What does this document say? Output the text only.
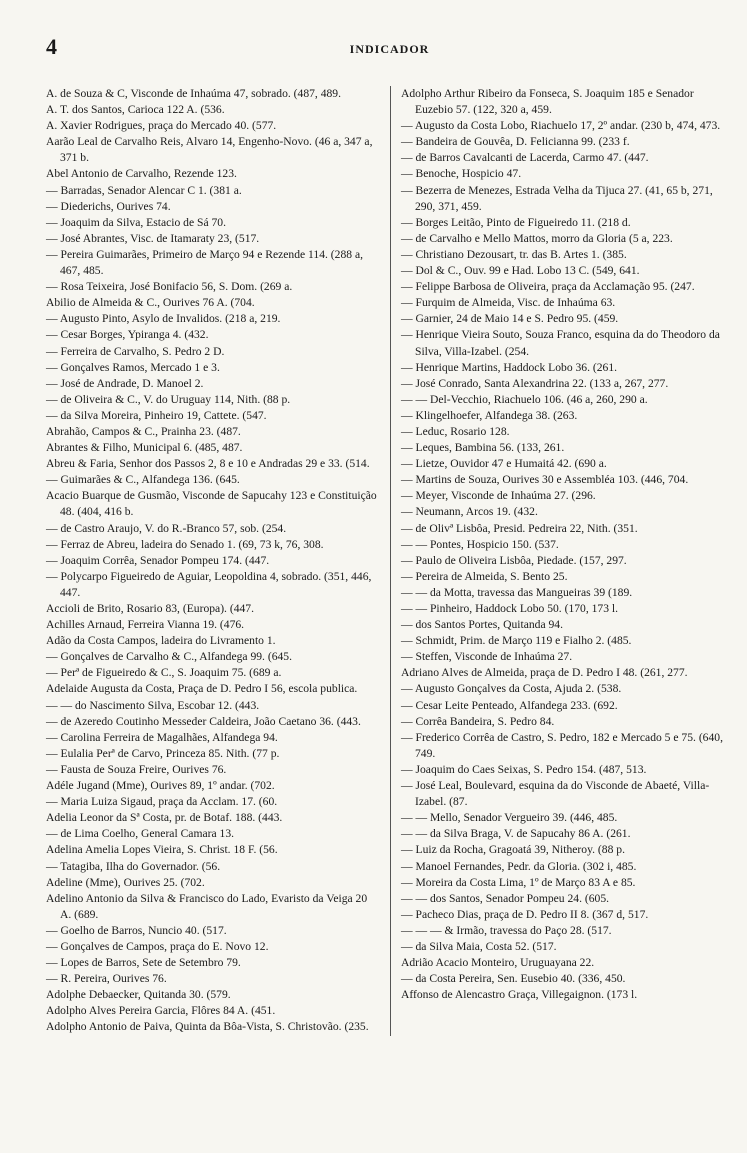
4	INDICADOR

A. de Souza & C, Visconde de Inhaúma 47, sobrado. (487, 489.

A. T. dos Santos, Carioca 122 A. (536.

A. Xavier Rodrigues, praça do Mercado 40. (577.

Aarão Leal de Carvalho Reis, Alvaro 14, Engenho-Novo. (46 a, 347 a, 371 b.

Abel Antonio de Carvalho, Rezende 123.

— Barradas, Senador Alencar C 1. (381 a.

— Diederichs, Ourives 74.

— Joaquim da Silva, Estacio de Sá 70.

— José Abrantes, Visc. de Itamaraty 23, (517.

— Pereira Guimarães, Primeiro de Março 94 e Rezende 114. (288 a, 467, 485.

— Rosa Teixeira, José Bonifacio 56, S. Dom. (269 a.

Abilio de Almeida & C., Ourives 76 A. (704.

— Augusto Pinto, Asylo de Invalidos. (218 a, 219.

— Cesar Borges, Ypiranga 4. (432.

— Ferreira de Carvalho, S. Pedro 2 D.

— Gonçalves Ramos, Mercado 1 e 3.

— José de Andrade, D. Manoel 2.

— de Oliveira & C., V. do Uruguay 114, Nith. (88 p.

— da Silva Moreira, Pinheiro 19, Cattete. (547.

Abrahão, Campos & C., Prainha 23. (487.

Abrantes & Filho, Municipal 6. (485, 487.

Abreu & Faria, Senhor dos Passos 2, 8 e 10 e Andradas 29 e 33. (514.

— Guimarães & C., Alfandega 136. (645.

Acacio Buarque de Gusmão, Visconde de Sapucahy 123 e Constituição 48. (404, 416 b.

— de Castro Araujo, V. do R.-Branco 57, sob. (254.

— Ferraz de Abreu, ladeira do Senado 1. (69, 73 k, 76, 308.

— Joaquim Corrêa, Senador Pompeu 174. (447.

— Polycarpo Figueiredo de Aguiar, Leopoldina 4, sobrado. (351, 446, 447.

Accioli de Brito, Rosario 83, (Europa). (447.

Achilles Arnaud, Ferreira Vianna 19. (476.

Adão da Costa Campos, ladeira do Livramento 1.

— Gonçalves de Carvalho & C., Alfandega 99. (645.

— Perª de Figueiredo & C., S. Joaquim 75. (689 a.

Adelaide Augusta da Costa, Praça de D. Pedro I 56, escola publica.

— — do Nascimento Silva, Escobar 12. (443.

— de Azeredo Coutinho Messeder Caldeira, João Caetano 36. (443.

— Carolina Ferreira de Magalhães, Alfandega 94.

— Eulalia Perª de Carvo, Princeza 85. Nith. (77 p.

— Fausta de Souza Freire, Ourives 76.

Adéle Jugand (Mme), Ourives 89, 1º andar. (702.

— Maria Luiza Sigaud, praça da Acclam. 17. (60.

Adelia Leonor da Sª Costa, pr. de Botaf. 188. (443.

— de Lima Coelho, General Camara 13.

Adelina Amelia Lopes Vieira, S. Christ. 18 F. (56.

— Tatagiba, Ilha do Governador. (56.

Adeline (Mme), Ourives 25. (702.

Adelino Antonio da Silva & Francisco do Lado, Evaristo da Veiga 20 A. (689.

— Goelho de Barros, Nuncio 40. (517.

— Gonçalves de Campos, praça do E. Novo 12.

— Lopes de Barros, Sete de Setembro 79.

— R. Pereira, Ourives 76.

Adolphe Debaecker, Quitanda 30. (579.

Adolpho Alves Pereira Garcia, Flôres 84 A. (451.

Adolpho Antonio de Paiva, Quinta da Bôa-Vista, S. Christovão. (235.

Adolpho Arthur Ribeiro da Fonseca, S. Joaquim 185 e Senador Euzebio 57. (122, 320 a, 459.

— Augusto da Costa Lobo, Riachuelo 17, 2º andar. (230 b, 474, 473.

— Bandeira de Gouvêa, D. Felicianna 99. (233 f.

— de Barros Cavalcanti de Lacerda, Carmo 47. (447.

— Benoche, Hospicio 47.

— Bezerra de Menezes, Estrada Velha da Tijuca 27. (41, 65 b, 271, 290, 371, 459.

— Borges Leitão, Pinto de Figueiredo 11. (218 d.

— de Carvalho e Mello Mattos, morro da Gloria (5 a, 223.

— Christiano Dezousart, tr. das B. Artes 1. (385.

— Dol & C., Ouv. 99 e Had. Lobo 13 C. (549, 641.

— Felippe Barbosa de Oliveira, praça da Acclamação 95. (247.

— Furquim de Almeida, Visc. de Inhaúma 63.

— Garnier, 24 de Maio 14 e S. Pedro 95. (459.

— Henrique Vieira Souto, Souza Franco, esquina da do Theodoro da Silva, Villa-Izabel. (254.

— Henrique Martins, Haddock Lobo 36. (261.

— José Conrado, Santa Alexandrina 22. (133 a, 267, 277.

— — Del-Vecchio, Riachuelo 106. (46 a, 260, 290 a.

— Klingelhoefer, Alfandega 38. (263.

— Leduc, Rosario 128.

— Leques, Bambina 56. (133, 261.

— Lietze, Ouvidor 47 e Humaitá 42. (690 a.

— Martins de Souza, Ourives 30 e Assembléa 103. (446, 704.

— Meyer, Visconde de Inhaúma 27. (296.

— Neumann, Arcos 19. (432.

— de Olivª Lisbôa, Presid. Pedreira 22, Nith. (351.

— — Pontes, Hospicio 150. (537.

— Paulo de Oliveira Lisbôa, Piedade. (157, 297.

— Pereira de Almeida, S. Bento 25.

— — da Motta, travessa das Mangueiras 39 (189.

— — Pinheiro, Haddock Lobo 50. (170, 173 l.

— dos Santos Portes, Quitanda 94.

— Schmidt, Prim. de Março 119 e Fialho 2. (485.

— Steffen, Visconde de Inhaúma 27.

Adriano Alves de Almeida, praça de D. Pedro I 48. (261, 277.

— Augusto Gonçalves da Costa, Ajuda 2. (538.

— Cesar Leite Penteado, Alfandega 233. (692.

— Corrêa Bandeira, S. Pedro 84.

— Frederico Corrêa de Castro, S. Pedro, 182 e Mercado 5 e 75. (640, 749.

— Joaquim do Caes Seixas, S. Pedro 154. (487, 513.

— José Leal, Boulevard, esquina da do Visconde de Abaeté, Villa-Izabel. (87.

— — Mello, Senador Vergueiro 39. (446, 485.

— — da Silva Braga, V. de Sapucahy 86 A. (261.

— Luiz da Rocha, Gragoatá 39, Nitheroy. (88 p.

— Manoel Fernandes, Pedr. da Gloria. (302 i, 485.

— Moreira da Costa Lima, 1º de Março 83 A e 85.

— — dos Santos, Senador Pompeu 24. (605.

— Pacheco Dias, praça de D. Pedro II 8. (367 d, 517.

— — — & Irmão, travessa do Paço 28. (517.

— da Silva Maia, Costa 52. (517.

Adrião Acacio Monteiro, Uruguayana 22.

— da Costa Pereira, Sen. Eusebio 40. (336, 450.

Affonso de Alencastro Graça, Villegaignon. (173 l.
